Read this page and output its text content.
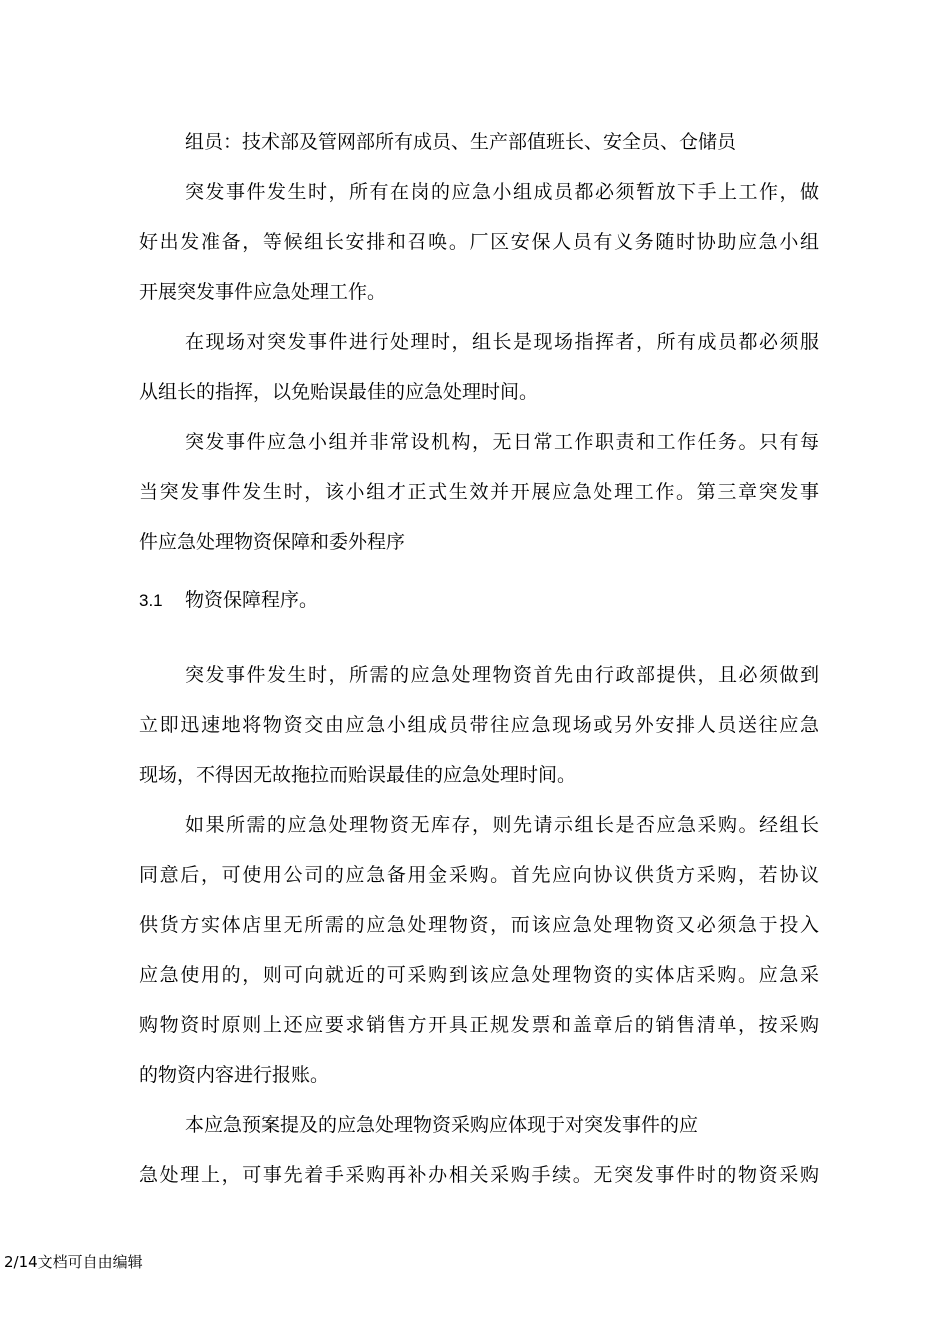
组员：技术部及管网部所有成员、生产部值班长、安全员、仓储员
突发事件发生时，所有在岗的应急小组成员都必须暂放下手上工作，做
好出发准备，等候组长安排和召唤。厂区安保人员有义务随时协助应急小组
开展突发事件应急处理工作。
在现场对突发事件进行处理时，组长是现场指挥者，所有成员都必须服
从组长的指挥，以免贻误最佳的应急处理时间。
突发事件应急小组并非常设机构，无日常工作职责和工作任务。只有每
当突发事件发生时，该小组才正式生效并开展应急处理工作。第三章突发事
件应急处理物资保障和委外程序
3.1 物资保障程序。
突发事件发生时，所需的应急处理物资首先由行政部提供，且必须做到
立即迅速地将物资交由应急小组成员带往应急现场或另外安排人员送往应急
现场，不得因无故拖拉而贻误最佳的应急处理时间。
如果所需的应急处理物资无库存，则先请示组长是否应急采购。经组长
同意后，可使用公司的应急备用金采购。首先应向协议供货方采购，若协议
供货方实体店里无所需的应急处理物资，而该应急处理物资又必须急于投入
应急使用的，则可向就近的可采购到该应急处理物资的实体店采购。应急采
购物资时原则上还应要求销售方开具正规发票和盖章后的销售清单，按采购
的物资内容进行报账。
本应急预案提及的应急处理物资采购应体现于对突发事件的应
急处理上，可事先着手采购再补办相关采购手续。无突发事件时的物资采购
2/14文档可自由编辑
